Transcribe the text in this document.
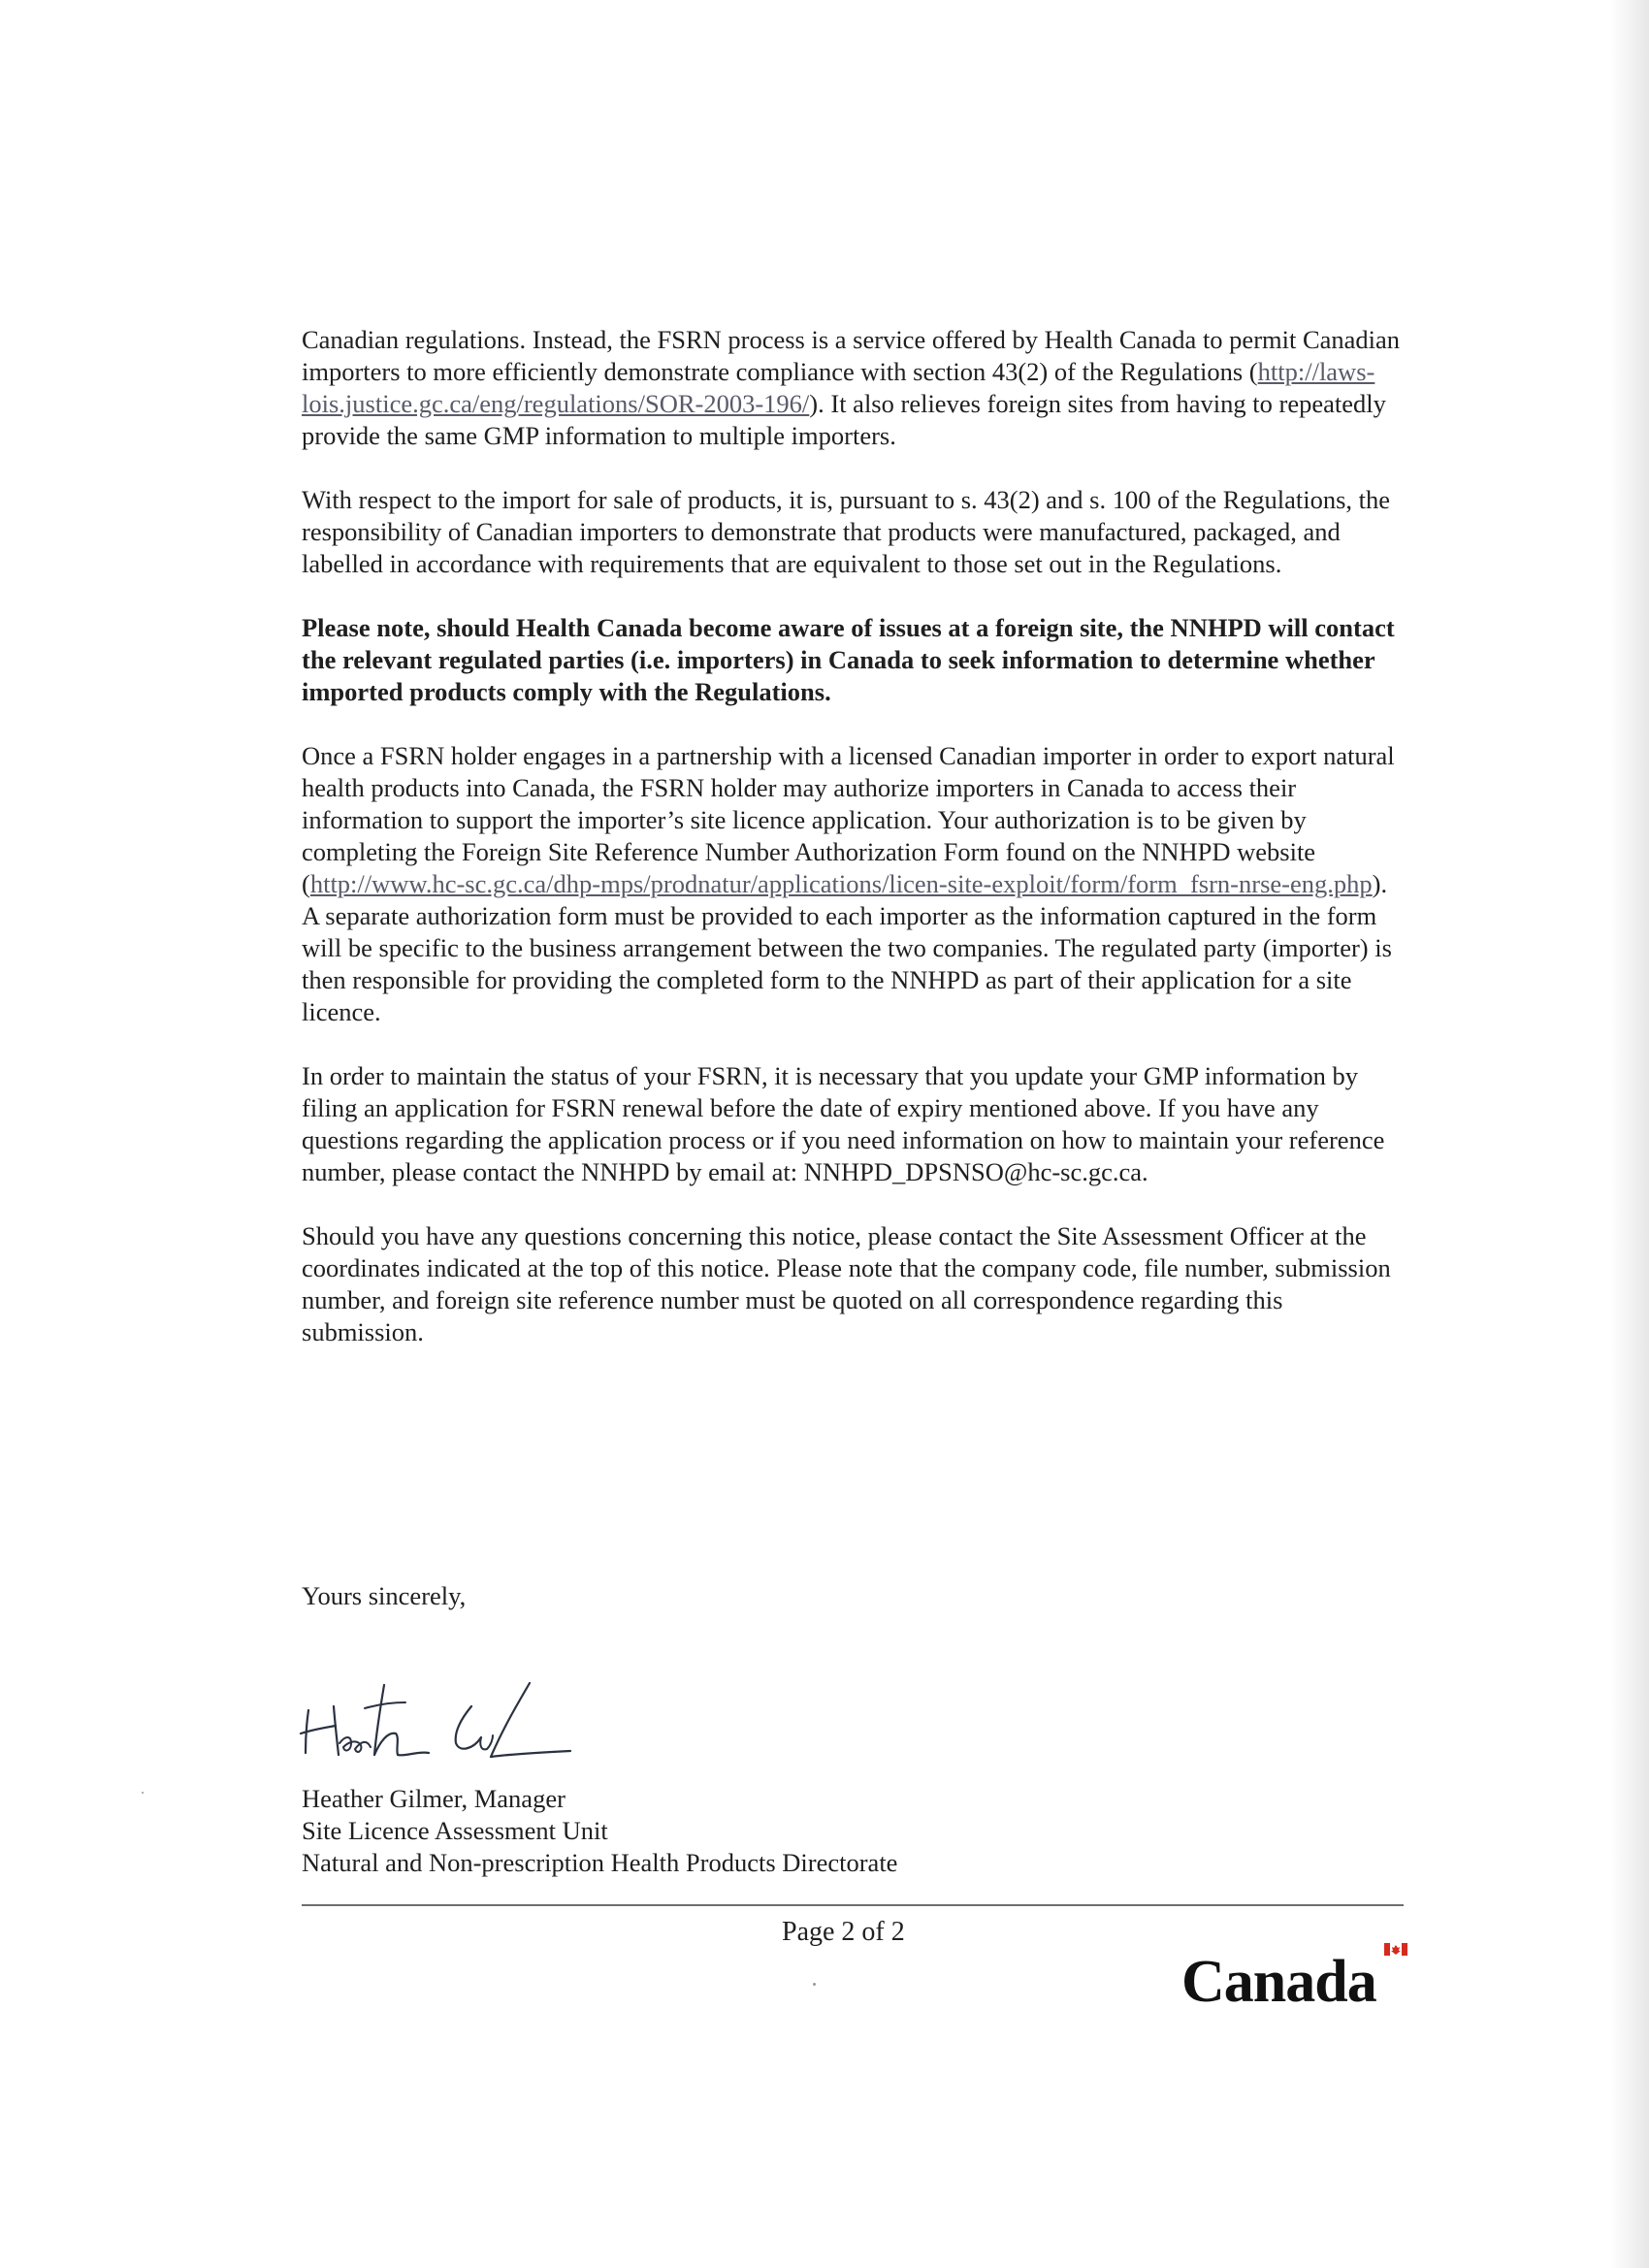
Canadian regulations. Instead, the FSRN process is a service offered by Health Canada to permit Canadian importers to more efficiently demonstrate compliance with section 43(2) of the Regulations (http://laws-lois.justice.gc.ca/eng/regulations/SOR-2003-196/). It also relieves foreign sites from having to repeatedly provide the same GMP information to multiple importers.

With respect to the import for sale of products, it is, pursuant to s. 43(2) and s. 100 of the Regulations, the responsibility of Canadian importers to demonstrate that products were manufactured, packaged, and labelled in accordance with requirements that are equivalent to those set out in the Regulations.

Please note, should Health Canada become aware of issues at a foreign site, the NNHPD will contact the relevant regulated parties (i.e. importers) in Canada to seek information to determine whether imported products comply with the Regulations.

Once a FSRN holder engages in a partnership with a licensed Canadian importer in order to export natural health products into Canada, the FSRN holder may authorize importers in Canada to access their information to support the importer’s site licence application. Your authorization is to be given by completing the Foreign Site Reference Number Authorization Form found on the NNHPD website (http://www.hc-sc.gc.ca/dhp-mps/prodnatur/applications/licen-site-exploit/form/form_fsrn-nrse-eng.php). A separate authorization form must be provided to each importer as the information captured in the form will be specific to the business arrangement between the two companies. The regulated party (importer) is then responsible for providing the completed form to the NNHPD as part of their application for a site licence.

In order to maintain the status of your FSRN, it is necessary that you update your GMP information by filing an application for FSRN renewal before the date of expiry mentioned above. If you have any questions regarding the application process or if you need information on how to maintain your reference number, please contact the NNHPD by email at: NNHPD_DPSNSO@hc-sc.gc.ca.

Should you have any questions concerning this notice, please contact the Site Assessment Officer at the coordinates indicated at the top of this notice. Please note that the company code, file number, submission number, and foreign site reference number must be quoted on all correspondence regarding this submission.

Yours sincerely,
Heather Gilmer, Manager
Site Licence Assessment Unit
Natural and Non-prescription Health Products Directorate
Page 2 of 2
Canada
